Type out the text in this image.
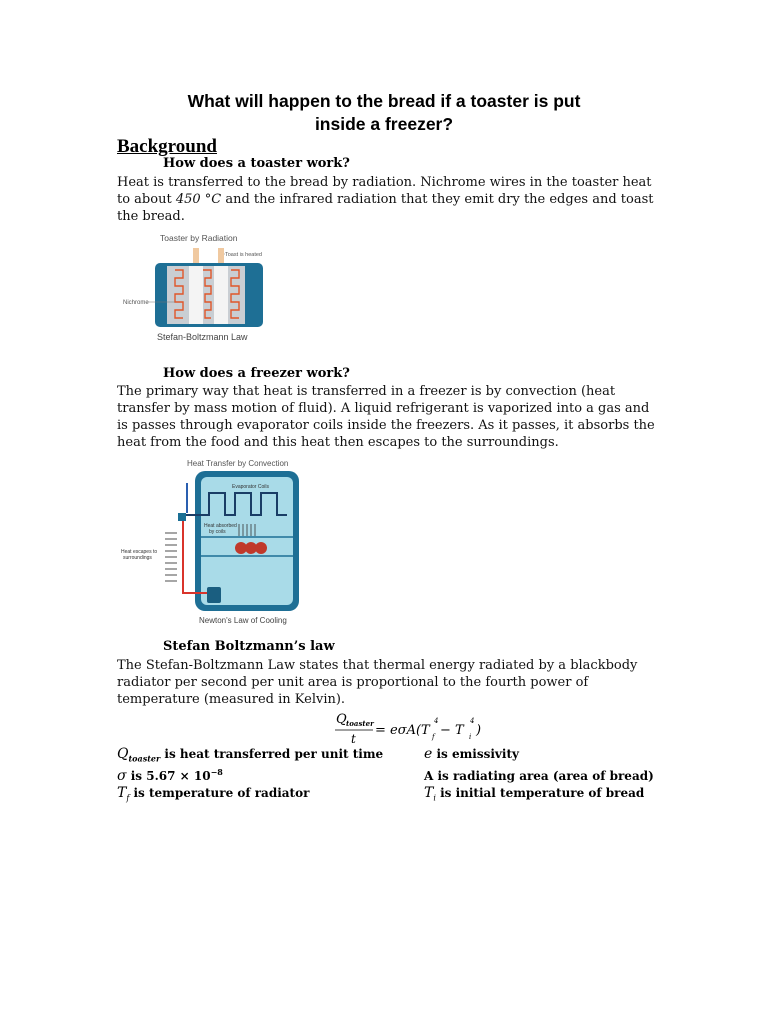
What will happen to the bread if a toaster is put
inside a freezer?
Background
How does a toaster work?
Heat is transferred to the bread by radiation. Nichrome wires in the toaster heat
to about 450 °C and the infrared radiation that they emit dry the edges and toast
the bread.
Toaster by Radiation
Toast is heated
Nichrome
Stefan-Boltzmann Law
How does a freezer work?
The primary way that heat is transferred in a freezer is by convection (heat
transfer by mass motion of fluid). A liquid refrigerant is vaporized into a gas and
is passes through evaporator coils inside the freezers. As it passes, it absorbs the
heat from the food and this heat then escapes to the surroundings.
Heat Transfer by Convection
Evaporator Coils
Heat absorbed
by coils
Heat escapes to
surroundings
Newton's Law of Cooling
Stefan Boltzmann’s law
The Stefan-Boltzmann Law states that thermal energy radiated by a blackbody
radiator per second per unit area is proportional to the fourth power of
temperature (measured in Kelvin).
Q toaster
t
= eσA(T f
4
− T i
4
)
$Q_{toaster}$ is heat transferred per unit time	e is emissivity
σ is $5.67 \times 10^{-8}$	A is radiating area (area of bread)
$T_f$ is temperature of radiator	$T_i$ is initial temperature of bread
